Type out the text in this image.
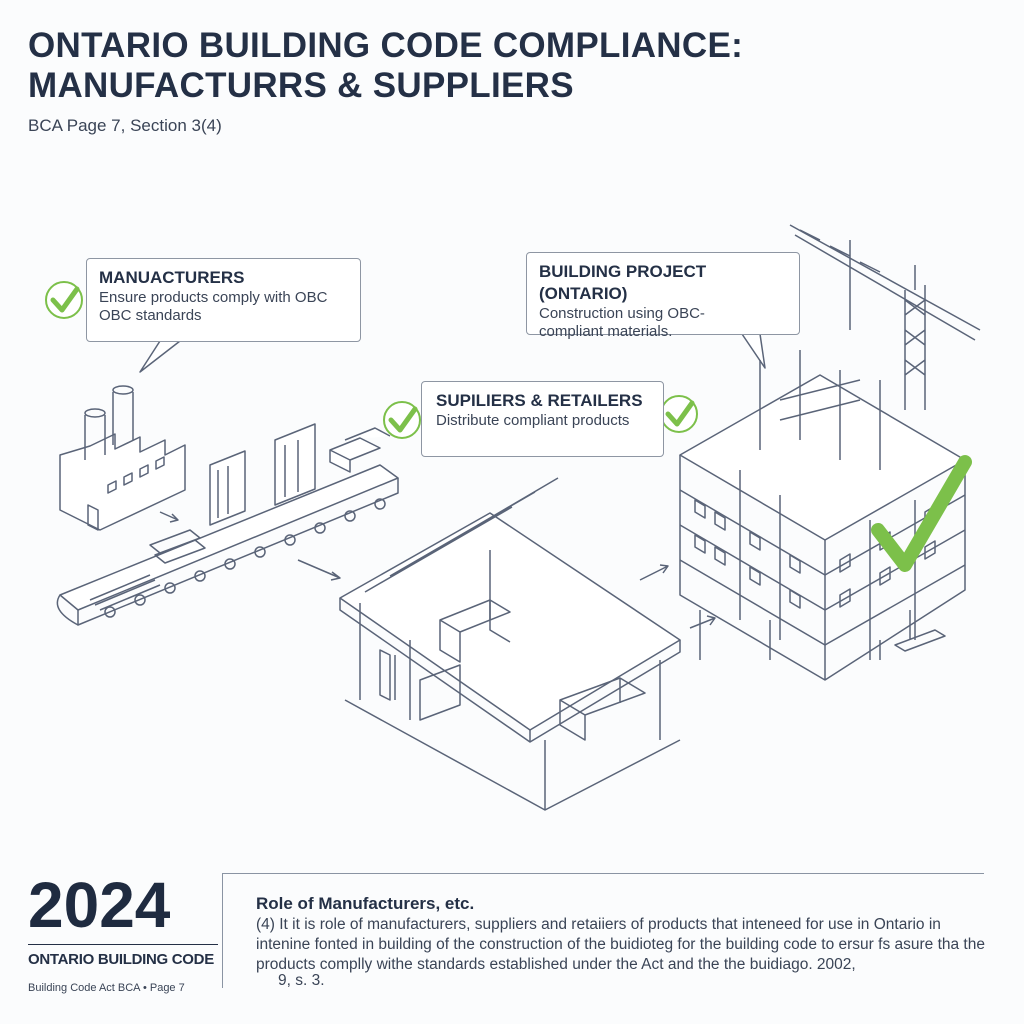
ONTARIO BUILDING CODE COMPLIANCE: MANUFACTURRS & SUPPLIERS
BCA Page 7, Section 3(4)
MANUACTURERS
Ensure products comply with OBC OBC standards
SUPILIERS & RETAILERS
Distribute compliant products
BUILDING PROJECT (ONTARIO)
Construction using OBC-compliant materials.
2024
ONTARIO BUILDING CODE
Building Code Act BCA • Page 7
Role of Manufacturers, etc.
(4) It it is role of manufacturers, suppliers and retaiiers of products that inteneed for use in Ontario in intenine fonted in building of the construction of the buidioteg for the building code to ersur fs asure tha the products complly withe standards established under the Act and the the buidiago. 2002,
9, s. 3.
